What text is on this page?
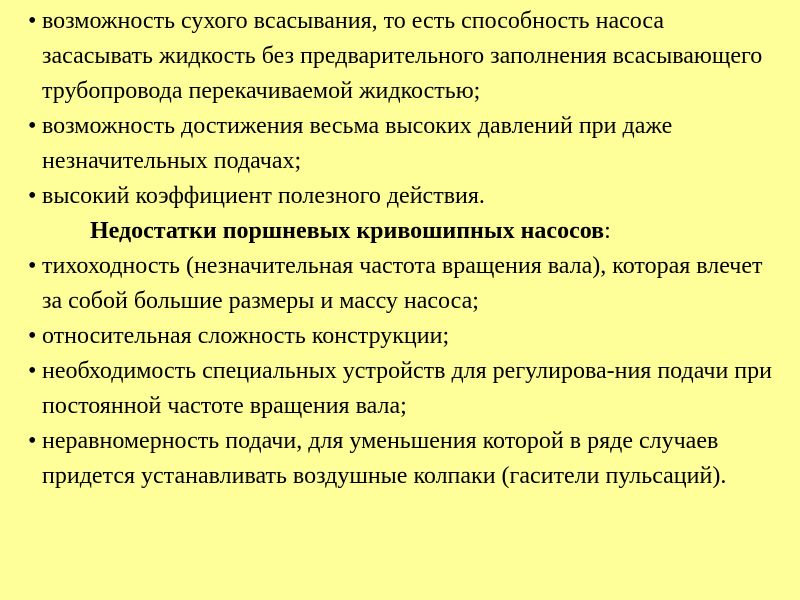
• возможность сухого всасывания, то есть способность насоса засасывать жидкость без предварительного заполнения всасывающего трубопровода перекачиваемой жидкостью;

• возможность достижения весьма высоких давлений при даже незначительных подачах;

• высокий коэффициент полезного действия.

Недостатки поршневых кривошипных насосов:

• тихоходность (незначительная частота вращения вала), которая влечет за собой большие размеры и массу насоса;

• относительная сложность конструкции;

• необходимость специальных устройств для регулирова-ния подачи при постоянной частоте вращения вала;

• неравномерность подачи, для уменьшения которой в ряде случаев придется устанавливать воздушные колпаки (гасители пульсаций).
